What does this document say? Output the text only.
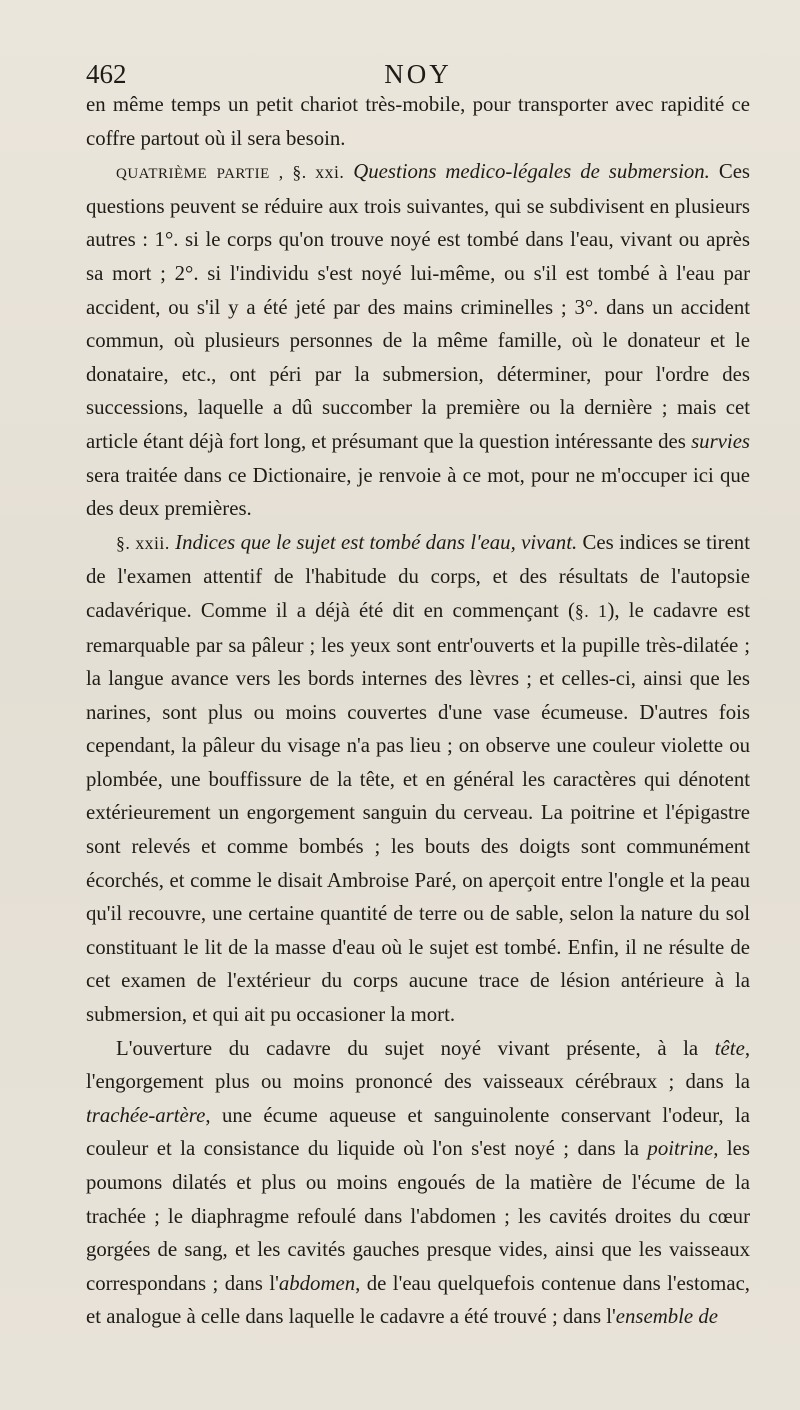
462	NOY

en même temps un petit chariot très-mobile, pour transporter avec rapidité ce coffre partout où il sera besoin.

quatrième partie , §. xxi. Questions medico-légales de submersion. Ces questions peuvent se réduire aux trois suivantes, qui se subdivisent en plusieurs autres : 1°. si le corps qu'on trouve noyé est tombé dans l'eau, vivant ou après sa mort ; 2°. si l'individu s'est noyé lui-même, ou s'il est tombé à l'eau par accident, ou s'il y a été jeté par des mains criminelles ; 3°. dans un accident commun, où plusieurs personnes de la même famille, où le donateur et le donataire, etc., ont péri par la submersion, déterminer, pour l'ordre des successions, laquelle a dû succomber la première ou la dernière ; mais cet article étant déjà fort long, et présumant que la question intéressante des survies sera traitée dans ce Dictionaire, je renvoie à ce mot, pour ne m'occuper ici que des deux premières.

§. xxii. Indices que le sujet est tombé dans l'eau, vivant. Ces indices se tirent de l'examen attentif de l'habitude du corps, et des résultats de l'autopsie cadavérique. Comme il a déjà été dit en commençant (§. 1), le cadavre est remarquable par sa pâleur ; les yeux sont entr'ouverts et la pupille très-dilatée ; la langue avance vers les bords internes des lèvres ; et celles-ci, ainsi que les narines, sont plus ou moins couvertes d'une vase écumeuse. D'autres fois cependant, la pâleur du visage n'a pas lieu ; on observe une couleur violette ou plombée, une bouffissure de la tête, et en général les caractères qui dénotent extérieurement un engorgement sanguin du cerveau. La poitrine et l'épigastre sont relevés et comme bombés ; les bouts des doigts sont communément écorchés, et comme le disait Ambroise Paré, on aperçoit entre l'ongle et la peau qu'il recouvre, une certaine quantité de terre ou de sable, selon la nature du sol constituant le lit de la masse d'eau où le sujet est tombé. Enfin, il ne résulte de cet examen de l'extérieur du corps aucune trace de lésion antérieure à la submersion, et qui ait pu occasioner la mort.

L'ouverture du cadavre du sujet noyé vivant présente, à la tête, l'engorgement plus ou moins prononcé des vaisseaux cérébraux ; dans la trachée-artère, une écume aqueuse et sanguinolente conservant l'odeur, la couleur et la consistance du liquide où l'on s'est noyé ; dans la poitrine, les poumons dilatés et plus ou moins engoués de la matière de l'écume de la trachée ; le diaphragme refoulé dans l'abdomen ; les cavités droites du cœur gorgées de sang, et les cavités gauches presque vides, ainsi que les vaisseaux correspondans ; dans l'abdomen, de l'eau quelquefois contenue dans l'estomac, et analogue à celle dans laquelle le cadavre a été trouvé ; dans l'ensemble de
